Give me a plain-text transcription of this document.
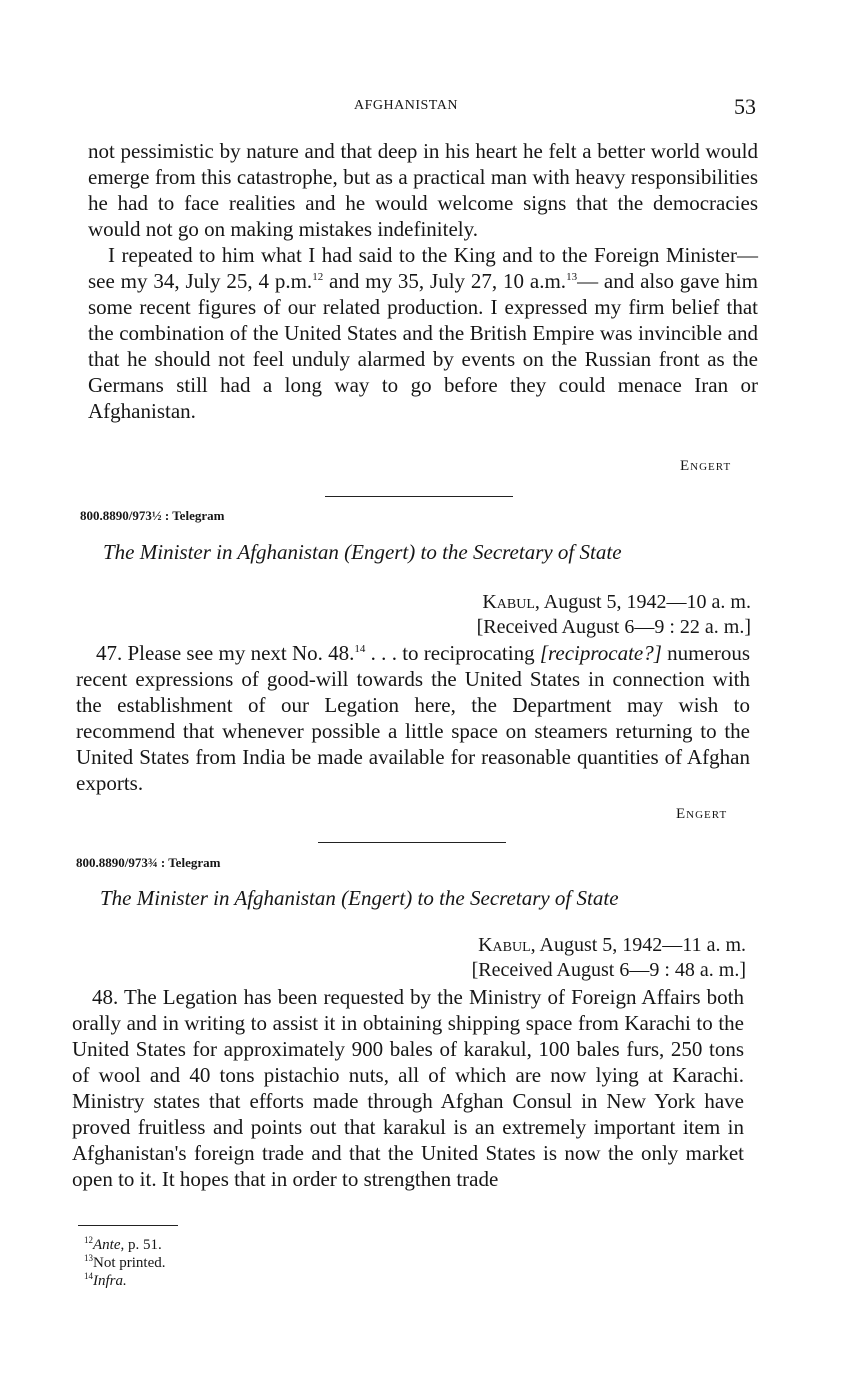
AFGHANISTAN	53

not pessimistic by nature and that deep in his heart he felt a better world would emerge from this catastrophe, but as a practical man with heavy responsibilities he had to face realities and he would welcome signs that the democracies would not go on making mistakes indefinitely.

I repeated to him what I had said to the King and to the Foreign Minister—see my 34, July 25, 4 p.m.$^{12}$ and my 35, July 27, 10 a.m.$^{13}$— and also gave him some recent figures of our related production. I expressed my firm belief that the combination of the United States and the British Empire was invincible and that he should not feel unduly alarmed by events on the Russian front as the Germans still had a long way to go before they could menace Iran or Afghanistan.

Engert
800.8890/973½ : Telegram
The Minister in Afghanistan (Engert) to the Secretary of State
Kabul, August 5, 1942—10 a. m.
[Received August 6—9 : 22 a. m.]

47. Please see my next No. 48.14 . . . to reciprocating [reciprocate?] numerous recent expressions of good-will towards the United States in connection with the establishment of our Legation here, the Department may wish to recommend that whenever possible a little space on steamers returning to the United States from India be made available for reasonable quantities of Afghan exports.

Engert
800.8890/973¾ : Telegram
The Minister in Afghanistan (Engert) to the Secretary of State
Kabul, August 5, 1942—11 a. m.
[Received August 6—9 : 48 a. m.]

48. The Legation has been requested by the Ministry of Foreign Affairs both orally and in writing to assist it in obtaining shipping space from Karachi to the United States for approximately 900 bales of karakul, 100 bales furs, 250 tons of wool and 40 tons pistachio nuts, all of which are now lying at Karachi. Ministry states that efforts made through Afghan Consul in New York have proved fruitless and points out that karakul is an extremely important item in Afghanistan's foreign trade and that the United States is now the only market open to it. It hopes that in order to strengthen trade

$^{12}$Ante, p. 51.
$^{13}$Not printed.
$^{14}$Infra.
